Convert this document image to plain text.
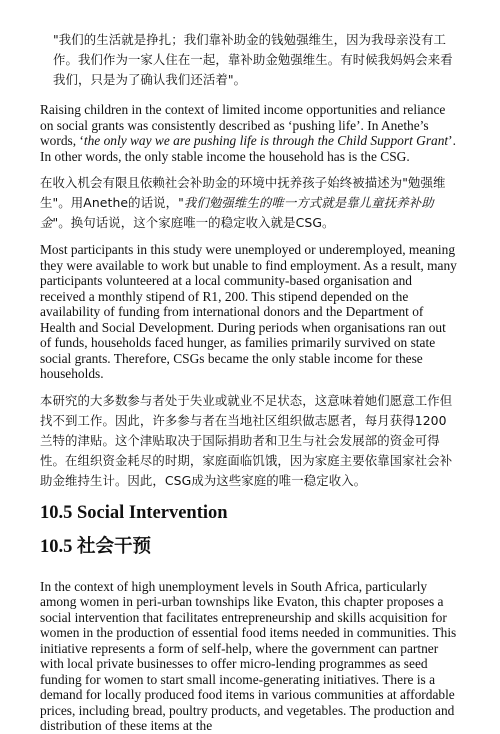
"我们的生活就是挣扎；我们靠补助金的钱勉强维生，因为我母亲没有工作。我们作为一家人住在一起，靠补助金勉强维生。有时候我妈妈会来看我们，只是为了确认我们还活着"。

Raising children in the context of limited income opportunities and reliance on social grants was consistently described as ‘pushing life’. In Anethe’s words, ‘the only way we are pushing life is through the Child Support Grant’. In other words, the only stable income the household has is the CSG.

在收入机会有限且依赖社会补助金的环境中抚养孩子始终被描述为"勉强维生"。用Anethe的话说，"我们勉强维生的唯一方式就是靠儿童抚养补助金"。换句话说，这个家庭唯一的稳定收入就是CSG。

Most participants in this study were unemployed or underemployed, meaning they were available to work but unable to find employment. As a result, many participants volunteered at a local community-based organisation and received a monthly stipend of R1, 200. This stipend depended on the availability of funding from international donors and the Department of Health and Social Development. During periods when organisations ran out of funds, households faced hunger, as families primarily survived on state social grants. Therefore, CSGs became the only stable income for these households.

本研究的大多数参与者处于失业或就业不足状态，这意味着她们愿意工作但找不到工作。因此，许多参与者在当地社区组织做志愿者，每月获得1200兰特的津贴。这个津贴取决于国际捐助者和卫生与社会发展部的资金可得性。在组织资金耗尽的时期，家庭面临饥饿，因为家庭主要依靠国家社会补助金维持生计。因此，CSG成为这些家庭的唯一稳定收入。

10.5 Social Intervention
10.5 社会干预

In the context of high unemployment levels in South Africa, particularly among women in peri-urban townships like Evaton, this chapter proposes a social intervention that facilitates entrepreneurship and skills acquisition for women in the production of essential food items needed in communities. This initiative represents a form of self-help, where the government can partner with local private businesses to offer micro-lending programmes as seed funding for women to start small income-generating initiatives. There is a demand for locally produced food items in various communities at affordable prices, including bread, poultry products, and vegetables. The production and distribution of these items at the
